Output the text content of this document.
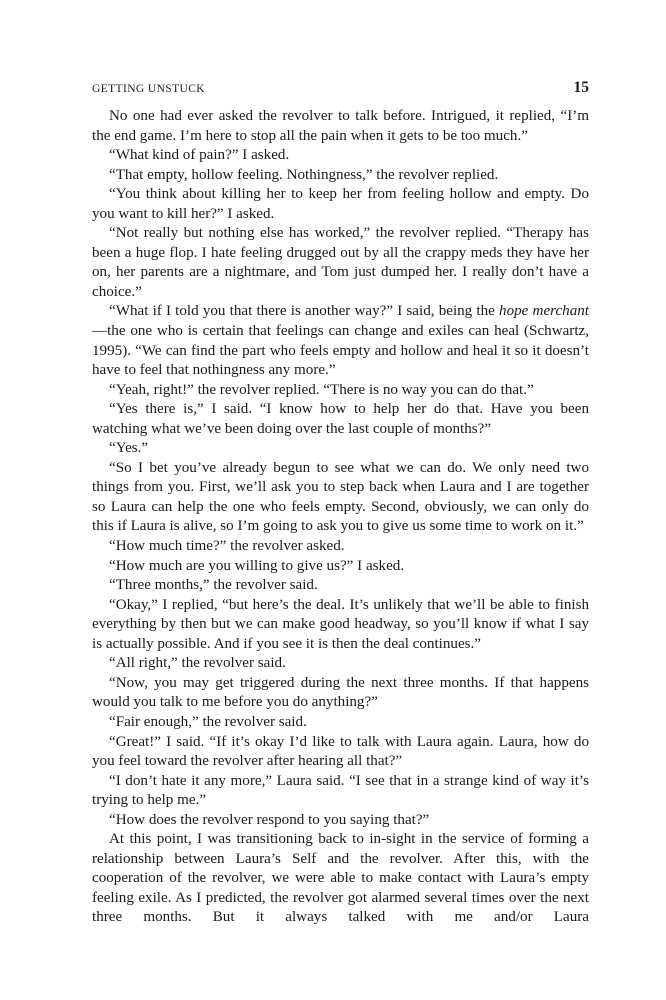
GETTING UNSTUCK	15

No one had ever asked the revolver to talk before. Intrigued, it replied, “I’m the end game. I’m here to stop all the pain when it gets to be too much.”

“What kind of pain?” I asked.

“That empty, hollow feeling. Nothingness,” the revolver replied.

“You think about killing her to keep her from feeling hollow and empty. Do you want to kill her?” I asked.

“Not really but nothing else has worked,” the revolver replied. “Therapy has been a huge flop. I hate feeling drugged out by all the crappy meds they have her on, her parents are a nightmare, and Tom just dumped her. I really don’t have a choice.”

“What if I told you that there is another way?” I said, being the hope merchant—the one who is certain that feelings can change and exiles can heal (Schwartz, 1995). “We can find the part who feels empty and hollow and heal it so it doesn’t have to feel that nothingness any more.”

“Yeah, right!” the revolver replied. “There is no way you can do that.”

“Yes there is,” I said. “I know how to help her do that. Have you been watching what we’ve been doing over the last couple of months?”

“Yes.”

“So I bet you’ve already begun to see what we can do. We only need two things from you. First, we’ll ask you to step back when Laura and I are together so Laura can help the one who feels empty. Second, obviously, we can only do this if Laura is alive, so I’m going to ask you to give us some time to work on it.”

“How much time?” the revolver asked.

“How much are you willing to give us?” I asked.

“Three months,” the revolver said.

“Okay,” I replied, “but here’s the deal. It’s unlikely that we’ll be able to finish everything by then but we can make good headway, so you’ll know if what I say is actually possible. And if you see it is then the deal continues.”

“All right,” the revolver said.

“Now, you may get triggered during the next three months. If that happens would you talk to me before you do anything?”

“Fair enough,” the revolver said.

“Great!” I said. “If it’s okay I’d like to talk with Laura again. Laura, how do you feel toward the revolver after hearing all that?”

“I don’t hate it any more,” Laura said. “I see that in a strange kind of way it’s trying to help me.”

“How does the revolver respond to you saying that?”

At this point, I was transitioning back to in-sight in the service of forming a relationship between Laura’s Self and the revolver. After this, with the cooperation of the revolver, we were able to make contact with Laura’s empty feeling exile. As I predicted, the revolver got alarmed several times over the next three months. But it always talked with me and/or Laura
